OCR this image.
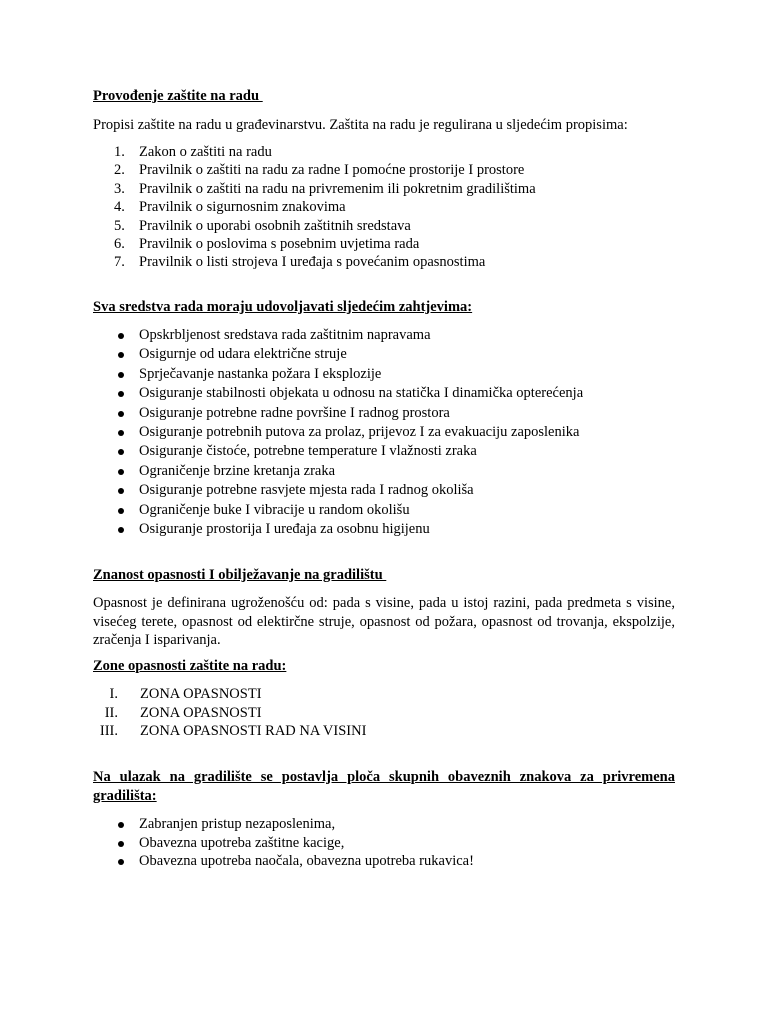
Provođenje zaštite na radu
Propisi zaštite na radu u građevinarstvu. Zaštita na radu je regulirana u sljedećim propisima:
1. Zakon o zaštiti na radu
2. Pravilnik o zaštiti na radu za radne I pomoćne prostorije I prostore
3. Pravilnik o zaštiti na radu na privremenim ili pokretnim gradilištima
4. Pravilnik o sigurnosnim znakovima
5. Pravilnik o uporabi osobnih zaštitnih sredstava
6. Pravilnik o poslovima s posebnim uvjetima rada
7. Pravilnik o listi strojeva I uređaja s povećanim opasnostima
Sva sredstva rada moraju udovoljavati sljedećim zahtjevima:
Opskrbljenost sredstava rada zaštitnim napravama
Osigurnje od udara električne struje
Sprječavanje nastanka požara I eksplozije
Osiguranje stabilnosti objekata u odnosu na statička I dinamička opterećenja
Osiguranje potrebne radne površine I radnog prostora
Osiguranje potrebnih putova za prolaz, prijevoz I za evakuaciju zaposlenika
Osiguranje čistoće, potrebne temperature I vlažnosti zraka
Ograničenje brzine kretanja zraka
Osiguranje potrebne rasvjete mjesta rada I radnog okoliša
Ograničenje buke I vibracije u random okolišu
Osiguranje prostorija I uređaja za osobnu higijenu
Znanost opasnosti I obilježavanje na gradilištu
Opasnost je definirana ugroženošću od: pada s visine, pada u istoj razini, pada predmeta s visine, visećeg terete, opasnost od elektirčne struje, opasnost od požara, opasnost od trovanja, ekspolzije, zračenja I isparivanja.
Zone opasnosti zaštite na radu:
I. ZONA OPASNOSTI
II. ZONA OPASNOSTI
III. ZONA OPASNOSTI RAD NA VISINI
Na ulazak na gradilište se postavlja ploča skupnih obaveznih znakova za privremena gradilišta:
Zabranjen pristup nezaposlenima,
Obavezna upotreba zaštitne kacige,
Obavezna upotreba naočala, obavezna upotreba rukavica!
